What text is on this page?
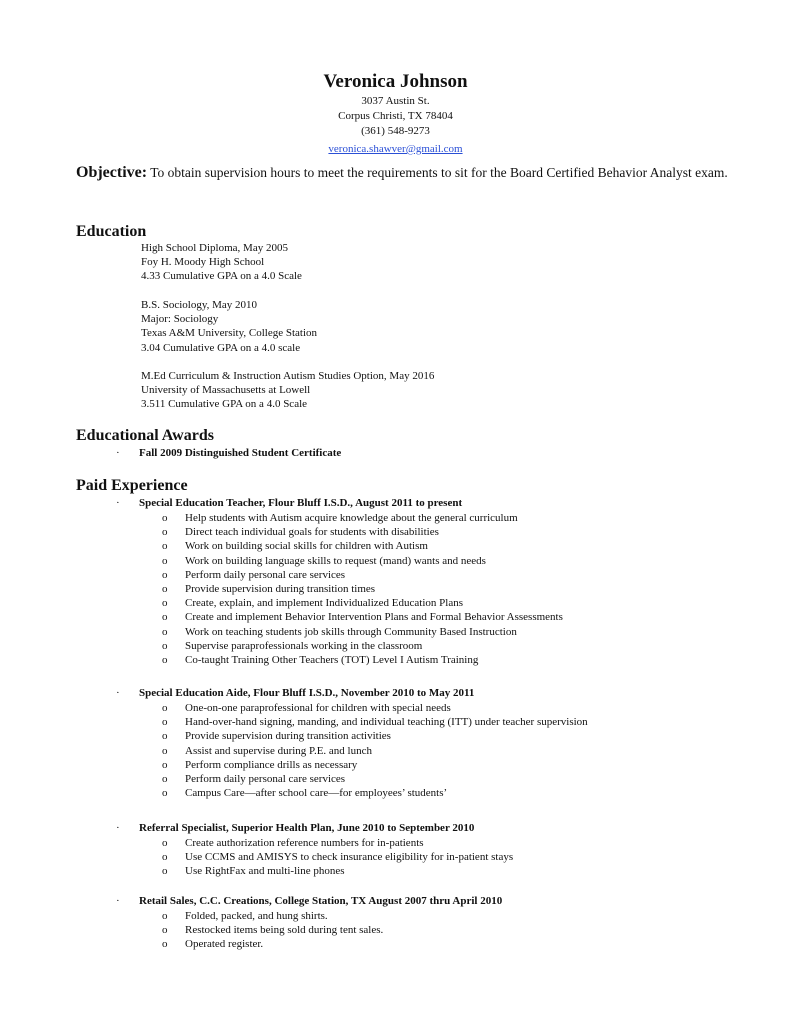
Veronica Johnson
3037 Austin St.
Corpus Christi, TX 78404
(361) 548-9273
veronica.shawver@gmail.com
Objective: To obtain supervision hours to meet the requirements to sit for the Board Certified Behavior Analyst exam.
Education
High School Diploma, May 2005
Foy H. Moody High School
4.33 Cumulative GPA on a 4.0 Scale
B.S. Sociology, May 2010
Major: Sociology
Texas A&M University, College Station
3.04 Cumulative GPA on a 4.0 scale
M.Ed Curriculum & Instruction Autism Studies Option, May 2016
University of Massachusetts at Lowell
3.511 Cumulative GPA on a 4.0 Scale
Educational Awards
· Fall 2009 Distinguished Student Certificate
Paid Experience
· Special Education Teacher, Flour Bluff I.S.D., August 2011 to present
o Help students with Autism acquire knowledge about the general curriculum
o Direct teach individual goals for students with disabilities
o Work on building social skills for children with Autism
o Work on building language skills to request (mand) wants and needs
o Perform daily personal care services
o Provide supervision during transition times
o Create, explain, and implement Individualized Education Plans
o Create and implement Behavior Intervention Plans and Formal Behavior Assessments
o Work on teaching students job skills through Community Based Instruction
o Supervise paraprofessionals working in the classroom
o Co-taught Training Other Teachers (TOT) Level I Autism Training
· Special Education Aide, Flour Bluff I.S.D., November 2010 to May 2011
o One-on-one paraprofessional for children with special needs
o Hand-over-hand signing, manding, and individual teaching (ITT) under teacher supervision
o Provide supervision during transition activities
o Assist and supervise during P.E. and lunch
o Perform compliance drills as necessary
o Perform daily personal care services
o Campus Care—after school care—for employees’ students’
· Referral Specialist, Superior Health Plan, June 2010 to September 2010
o Create authorization reference numbers for in-patients
o Use CCMS and AMISYS to check insurance eligibility for in-patient stays
o Use RightFax and multi-line phones
· Retail Sales, C.C. Creations, College Station, TX August 2007 thru April 2010
o Folded, packed, and hung shirts.
o Restocked items being sold during tent sales.
o Operated register.
